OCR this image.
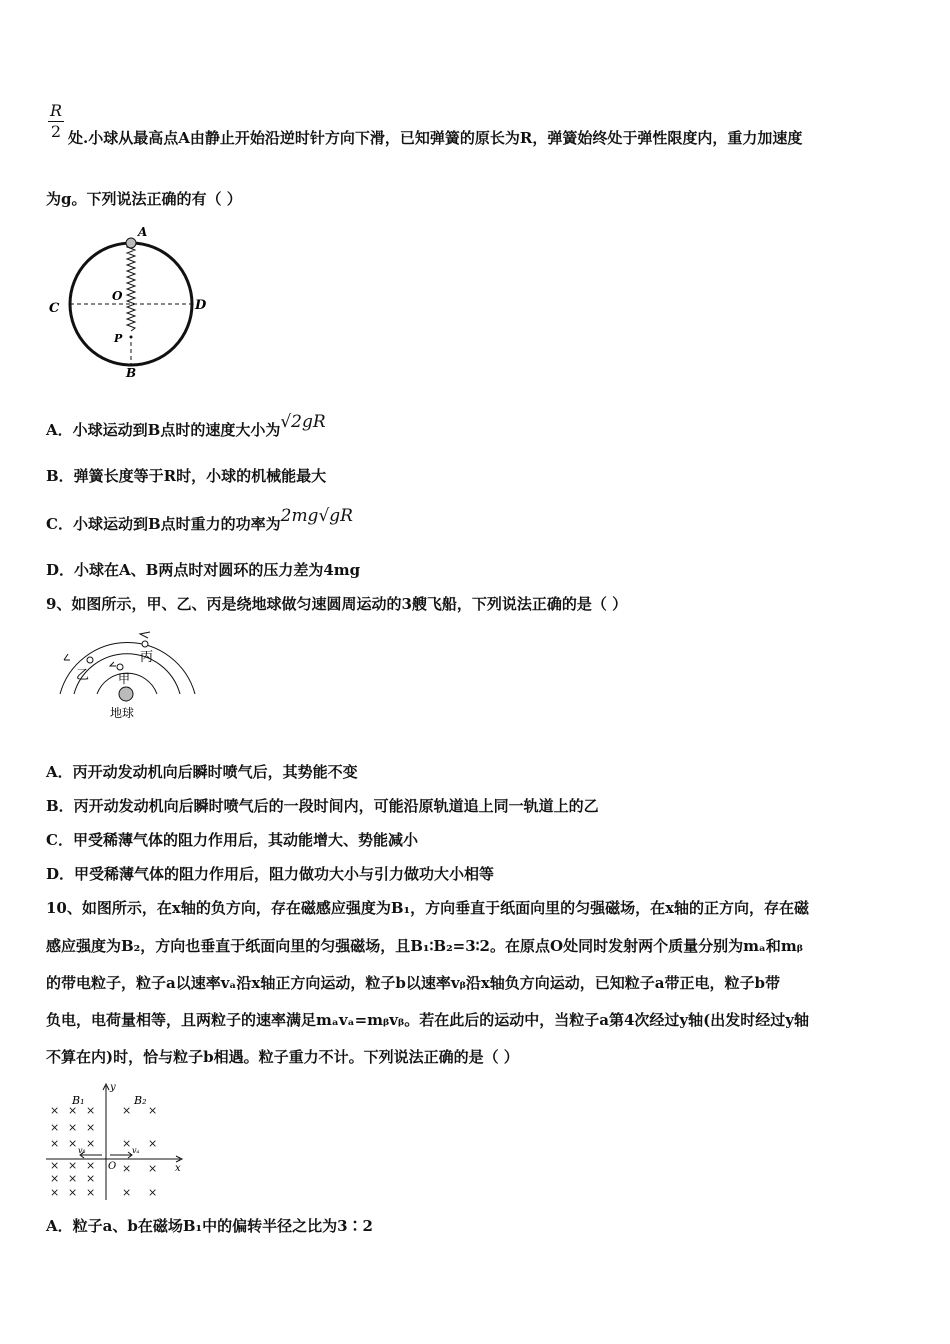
R
2 处.小球从最高点A由静止开始沿逆时针方向下滑，已知弹簧的原长为R，弹簧始终处于弹性限度内，重力加速度
为g。下列说法正确的有（ ）
A
O
C	D
P
B
A．小球运动到B点时的速度大小为√2gR
B．弹簧长度等于R时，小球的机械能最大
C．小球运动到B点时重力的功率为2mg√gR
D．小球在A、B两点时对圆环的压力差为4mg
9、如图所示，甲、乙、丙是绕地球做匀速圆周运动的3艘飞船，下列说法正确的是（ ）
丙
乙 甲
地球
A．丙开动发动机向后瞬时喷气后，其势能不变
B．丙开动发动机向后瞬时喷气后的一段时间内，可能沿原轨道追上同一轨道上的乙
C．甲受稀薄气体的阻力作用后，其动能增大、势能减小
D．甲受稀薄气体的阻力作用后，阻力做功大小与引力做功大小相等
10、如图所示，在x轴的负方向，存在磁感应强度为B₁，方向垂直于纸面向里的匀强磁场，在x轴的正方向，存在磁
感应强度为B₂，方向也垂直于纸面向里的匀强磁场，且B₁∶B₂=3∶2。在原点O处同时发射两个质量分别为mₐ和mᵦ
的带电粒子，粒子a以速率vₐ沿x轴正方向运动，粒子b以速率vᵦ沿x轴负方向运动，已知粒子a带正电，粒子b带
负电，电荷量相等，且两粒子的速率满足mₐvₐ=mᵦvᵦ。若在此后的运动中，当粒子a第4次经过y轴(出发时经过y轴
不算在内)时，恰与粒子b相遇。粒子重力不计。下列说法正确的是（ ）
y
x
O
B₁	B₂
vᵦ	vₐ
× × × × ×
× × ×
× × × × ×
× × × × ×
× × ×
× × × × ×
A．粒子a、b在磁场B₁中的偏转半径之比为3∶2
